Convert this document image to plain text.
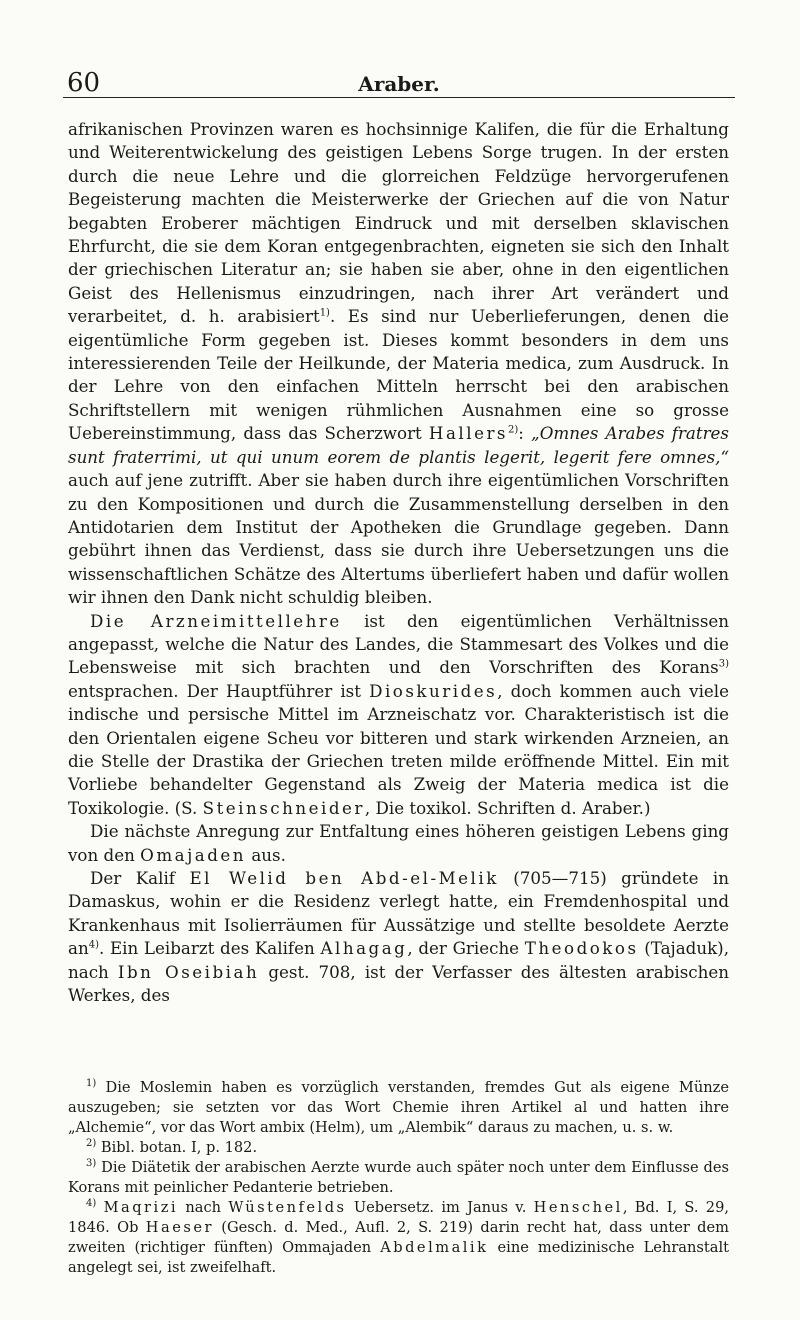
60	Araber.

afrikanischen Provinzen waren es hochsinnige Kalifen, die für die Erhaltung und Weiterentwickelung des geistigen Lebens Sorge trugen. In der ersten durch die neue Lehre und die glorreichen Feldzüge hervorgerufenen Begeisterung machten die Meisterwerke der Griechen auf die von Natur begabten Eroberer mächtigen Eindruck und mit derselben sklavischen Ehrfurcht, die sie dem Koran entgegenbrachten, eigneten sie sich den Inhalt der griechischen Literatur an; sie haben sie aber, ohne in den eigentlichen Geist des Hellenismus einzudringen, nach ihrer Art verändert und verarbeitet, d. h. arabisiert$^{1)}$. Es sind nur Ueberlieferungen, denen die eigentümliche Form gegeben ist. Dieses kommt besonders in dem uns interessierenden Teile der Heilkunde, der Materia medica, zum Ausdruck. In der Lehre von den einfachen Mitteln herrscht bei den arabischen Schriftstellern mit wenigen rühmlichen Ausnahmen eine so grosse Uebereinstimmung, dass das Scherzwort Hallers$^{2)}$: „Omnes Arabes fratres sunt fraterrimi, ut qui unum eorem de plantis legerit, legerit fere omnes,“ auch auf jene zutrifft. Aber sie haben durch ihre eigentümlichen Vorschriften zu den Kompositionen und durch die Zusammenstellung derselben in den Antidotarien dem Institut der Apotheken die Grundlage gegeben. Dann gebührt ihnen das Verdienst, dass sie durch ihre Uebersetzungen uns die wissenschaftlichen Schätze des Altertums überliefert haben und dafür wollen wir ihnen den Dank nicht schuldig bleiben.

Die Arzneimittellehre ist den eigentümlichen Verhältnissen angepasst, welche die Natur des Landes, die Stammesart des Volkes und die Lebensweise mit sich brachten und den Vorschriften des Korans$^{3)}$ entsprachen. Der Hauptführer ist Dioskurides, doch kommen auch viele indische und persische Mittel im Arzneischatz vor. Charakteristisch ist die den Orientalen eigene Scheu vor bitteren und stark wirkenden Arzneien, an die Stelle der Drastika der Griechen treten milde eröffnende Mittel. Ein mit Vorliebe behandelter Gegenstand als Zweig der Materia medica ist die Toxikologie. (S. Steinschneider, Die toxikol. Schriften d. Araber.)

Die nächste Anregung zur Entfaltung eines höheren geistigen Lebens ging von den Omajaden aus.

Der Kalif El Welid ben Abd-el-Melik (705—715) gründete in Damaskus, wohin er die Residenz verlegt hatte, ein Fremdenhospital und Krankenhaus mit Isolierräumen für Aussätzige und stellte besoldete Aerzte $an^{4)}$. Ein Leibarzt des Kalifen Alhagag, der Grieche Theodokos (Tajaduk), nach Ibn Oseibiah gest. 708, ist der Verfasser des ältesten arabischen Werkes, des

$^{1)}$ Die Moslemin haben es vorzüglich verstanden, fremdes Gut als eigene Münze auszugeben; sie setzten vor das Wort Chemie ihren Artikel al und hatten ihre „Alchemie“, vor das Wort ambix (Helm), um „Alembik“ daraus zu machen, u. s. w.

$^{2)}$ Bibl. botan. I, p. 182.

$^{3)}$ Die Diätetik der arabischen Aerzte wurde auch später noch unter dem Einflusse des Korans mit peinlicher Pedanterie betrieben.

$^{4)}$ Maqrizi nach Wüstenfelds Uebersetz. im Janus v. Henschel, Bd. I, S. 29, 1846. Ob Haeser (Gesch. d. Med., Aufl. 2, S. 219) darin recht hat, dass unter dem zweiten (richtiger fünften) Ommajaden Abdelmalik eine medizinische Lehranstalt angelegt sei, ist zweifelhaft.
